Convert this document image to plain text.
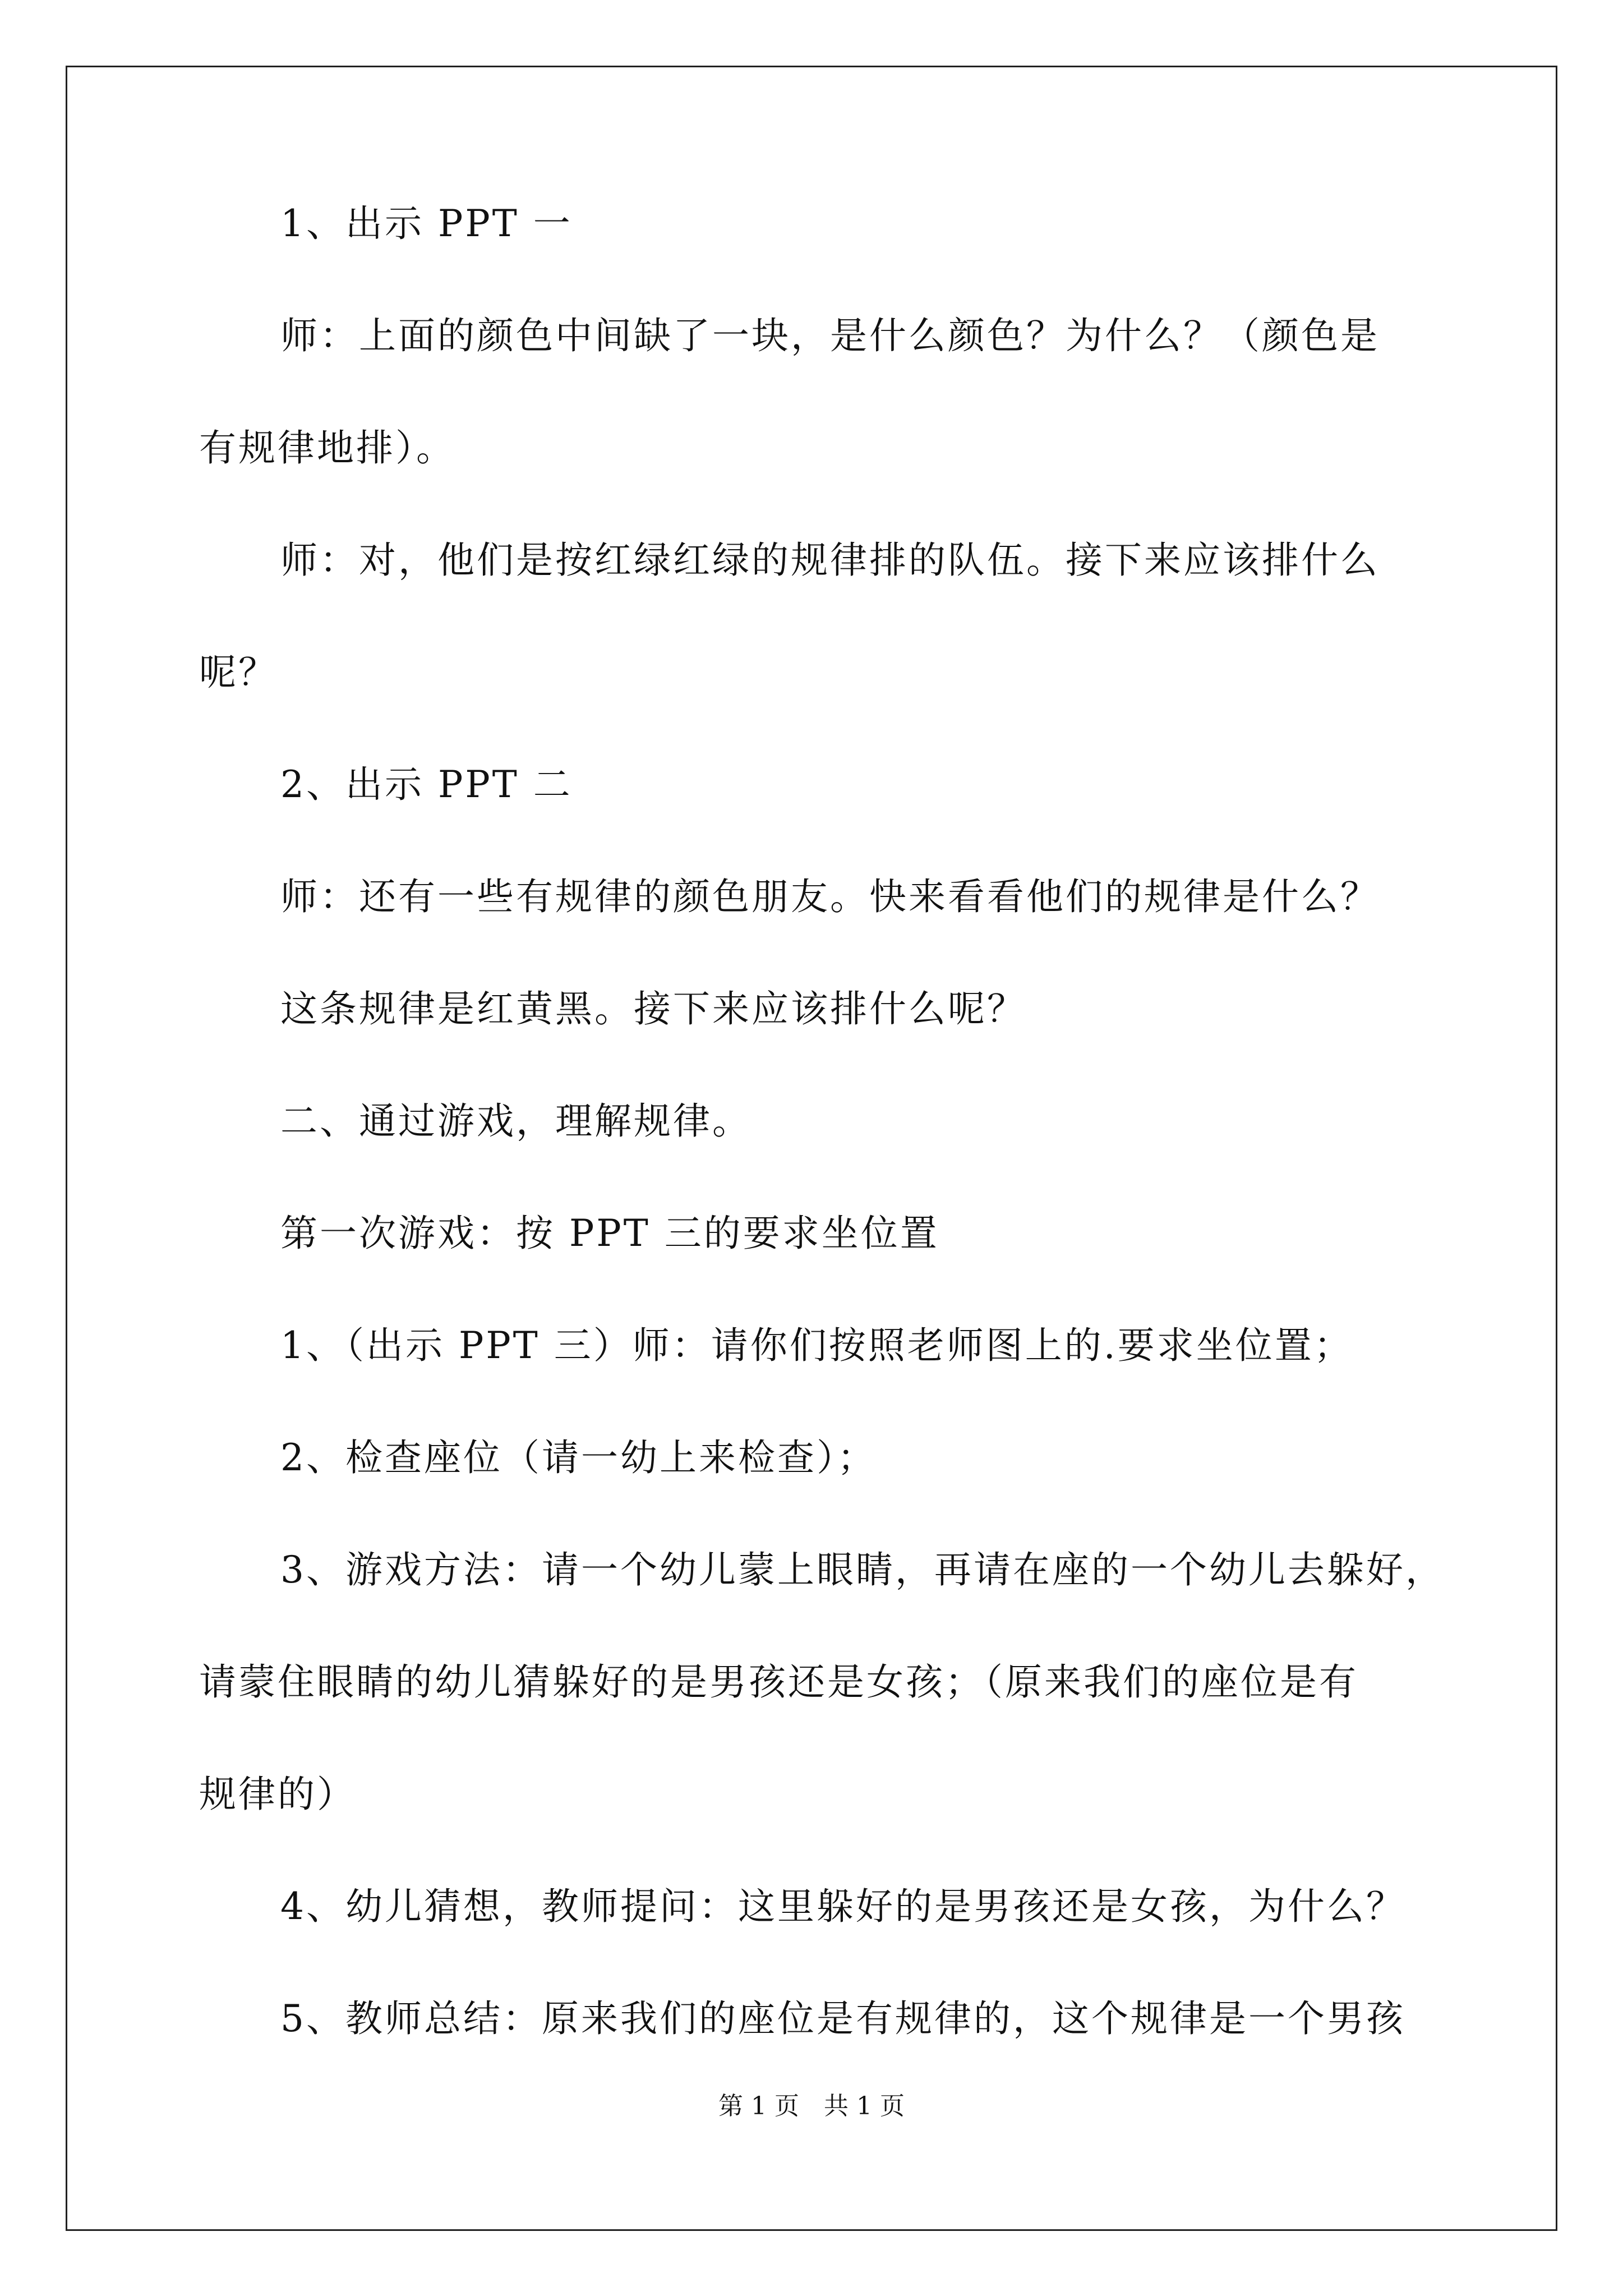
1、出示 PPT 一
师：上面的颜色中间缺了一块，是什么颜色？为什么？（颜色是
有规律地排）。
师：对，他们是按红绿红绿的规律排的队伍。接下来应该排什么
呢？
2、出示 PPT 二
师：还有一些有规律的颜色朋友。快来看看他们的规律是什么？
这条规律是红黄黑。接下来应该排什么呢？
二、通过游戏，理解规律。
第一次游戏：按 PPT 三的要求坐位置
1、（出示 PPT 三）师：请你们按照老师图上的.要求坐位置；
2、检查座位（请一幼上来检查）；
3、游戏方法：请一个幼儿蒙上眼睛，再请在座的一个幼儿去躲好，
请蒙住眼睛的幼儿猜躲好的是男孩还是女孩；（原来我们的座位是有
规律的）
4、幼儿猜想，教师提问：这里躲好的是男孩还是女孩，为什么？
5、教师总结：原来我们的座位是有规律的，这个规律是一个男孩
第 1 页　共 1 页
